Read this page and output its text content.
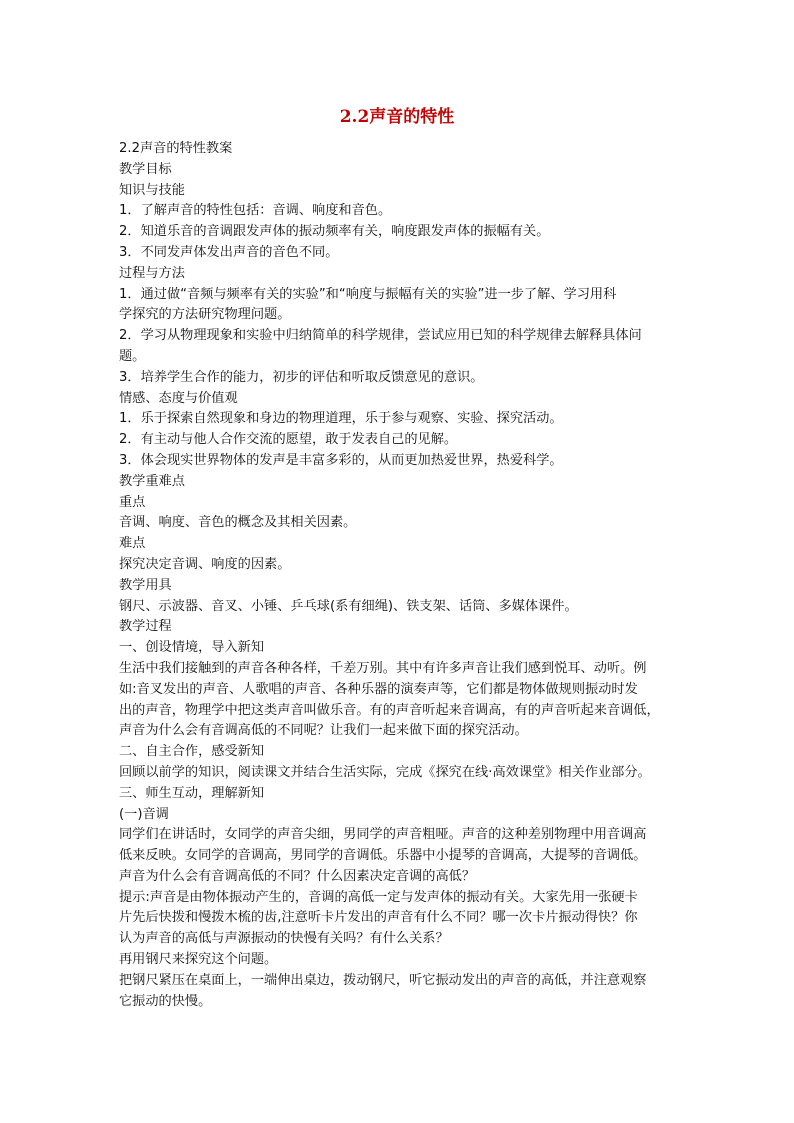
2.2声音的特性
2.2声音的特性教案
教学目标
知识与技能
1．了解声音的特性包括：音调、响度和音色。
2．知道乐音的音调跟发声体的振动频率有关，响度跟发声体的振幅有关。
3．不同发声体发出声音的音色不同。
过程与方法
1．通过做“音频与频率有关的实验”和“响度与振幅有关的实验”进一步了解、学习用科
学探究的方法研究物理问题。
2．学习从物理现象和实验中归纳简单的科学规律，尝试应用已知的科学规律去解释具体问
题。
3．培养学生合作的能力，初步的评估和听取反馈意见的意识。
情感、态度与价值观
1．乐于探索自然现象和身边的物理道理，乐于参与观察、实验、探究活动。
2．有主动与他人合作交流的愿望，敢于发表自己的见解。
3．体会现实世界物体的发声是丰富多彩的，从而更加热爱世界，热爱科学。
教学重难点
重点
音调、响度、音色的概念及其相关因素。
难点
探究决定音调、响度的因素。
教学用具
钢尺、示波器、音叉、小锤、乒乓球(系有细绳)、铁支架、话筒、多媒体课件。
教学过程
一、创设情境，导入新知
生活中我们接触到的声音各种各样，千差万别。其中有许多声音让我们感到悦耳、动听。例
如:音叉发出的声音、人歌唱的声音、各种乐器的演奏声等，它们都是物体做规则振动时发
出的声音，物理学中把这类声音叫做乐音。有的声音听起来音调高，有的声音听起来音调低，
声音为什么会有音调高低的不同呢？让我们一起来做下面的探究活动。
二、自主合作，感受新知
回顾以前学的知识，阅读课文并结合生活实际，完成《探究在线·高效课堂》相关作业部分。
三、师生互动，理解新知
(一)音调
同学们在讲话时，女同学的声音尖细，男同学的声音粗哑。声音的这种差别物理中用音调高
低来反映。女同学的音调高，男同学的音调低。乐器中小提琴的音调高，大提琴的音调低。
声音为什么会有音调高低的不同？什么因素决定音调的高低？
提示:声音是由物体振动产生的，音调的高低一定与发声体的振动有关。大家先用一张硬卡
片先后快拨和慢拨木梳的齿,注意听卡片发出的声音有什么不同？哪一次卡片振动得快？你
认为声音的高低与声源振动的快慢有关吗？有什么关系？
再用钢尺来探究这个问题。
把钢尺紧压在桌面上，一端伸出桌边，拨动钢尺，听它振动发出的声音的高低，并注意观察
它振动的快慢。
